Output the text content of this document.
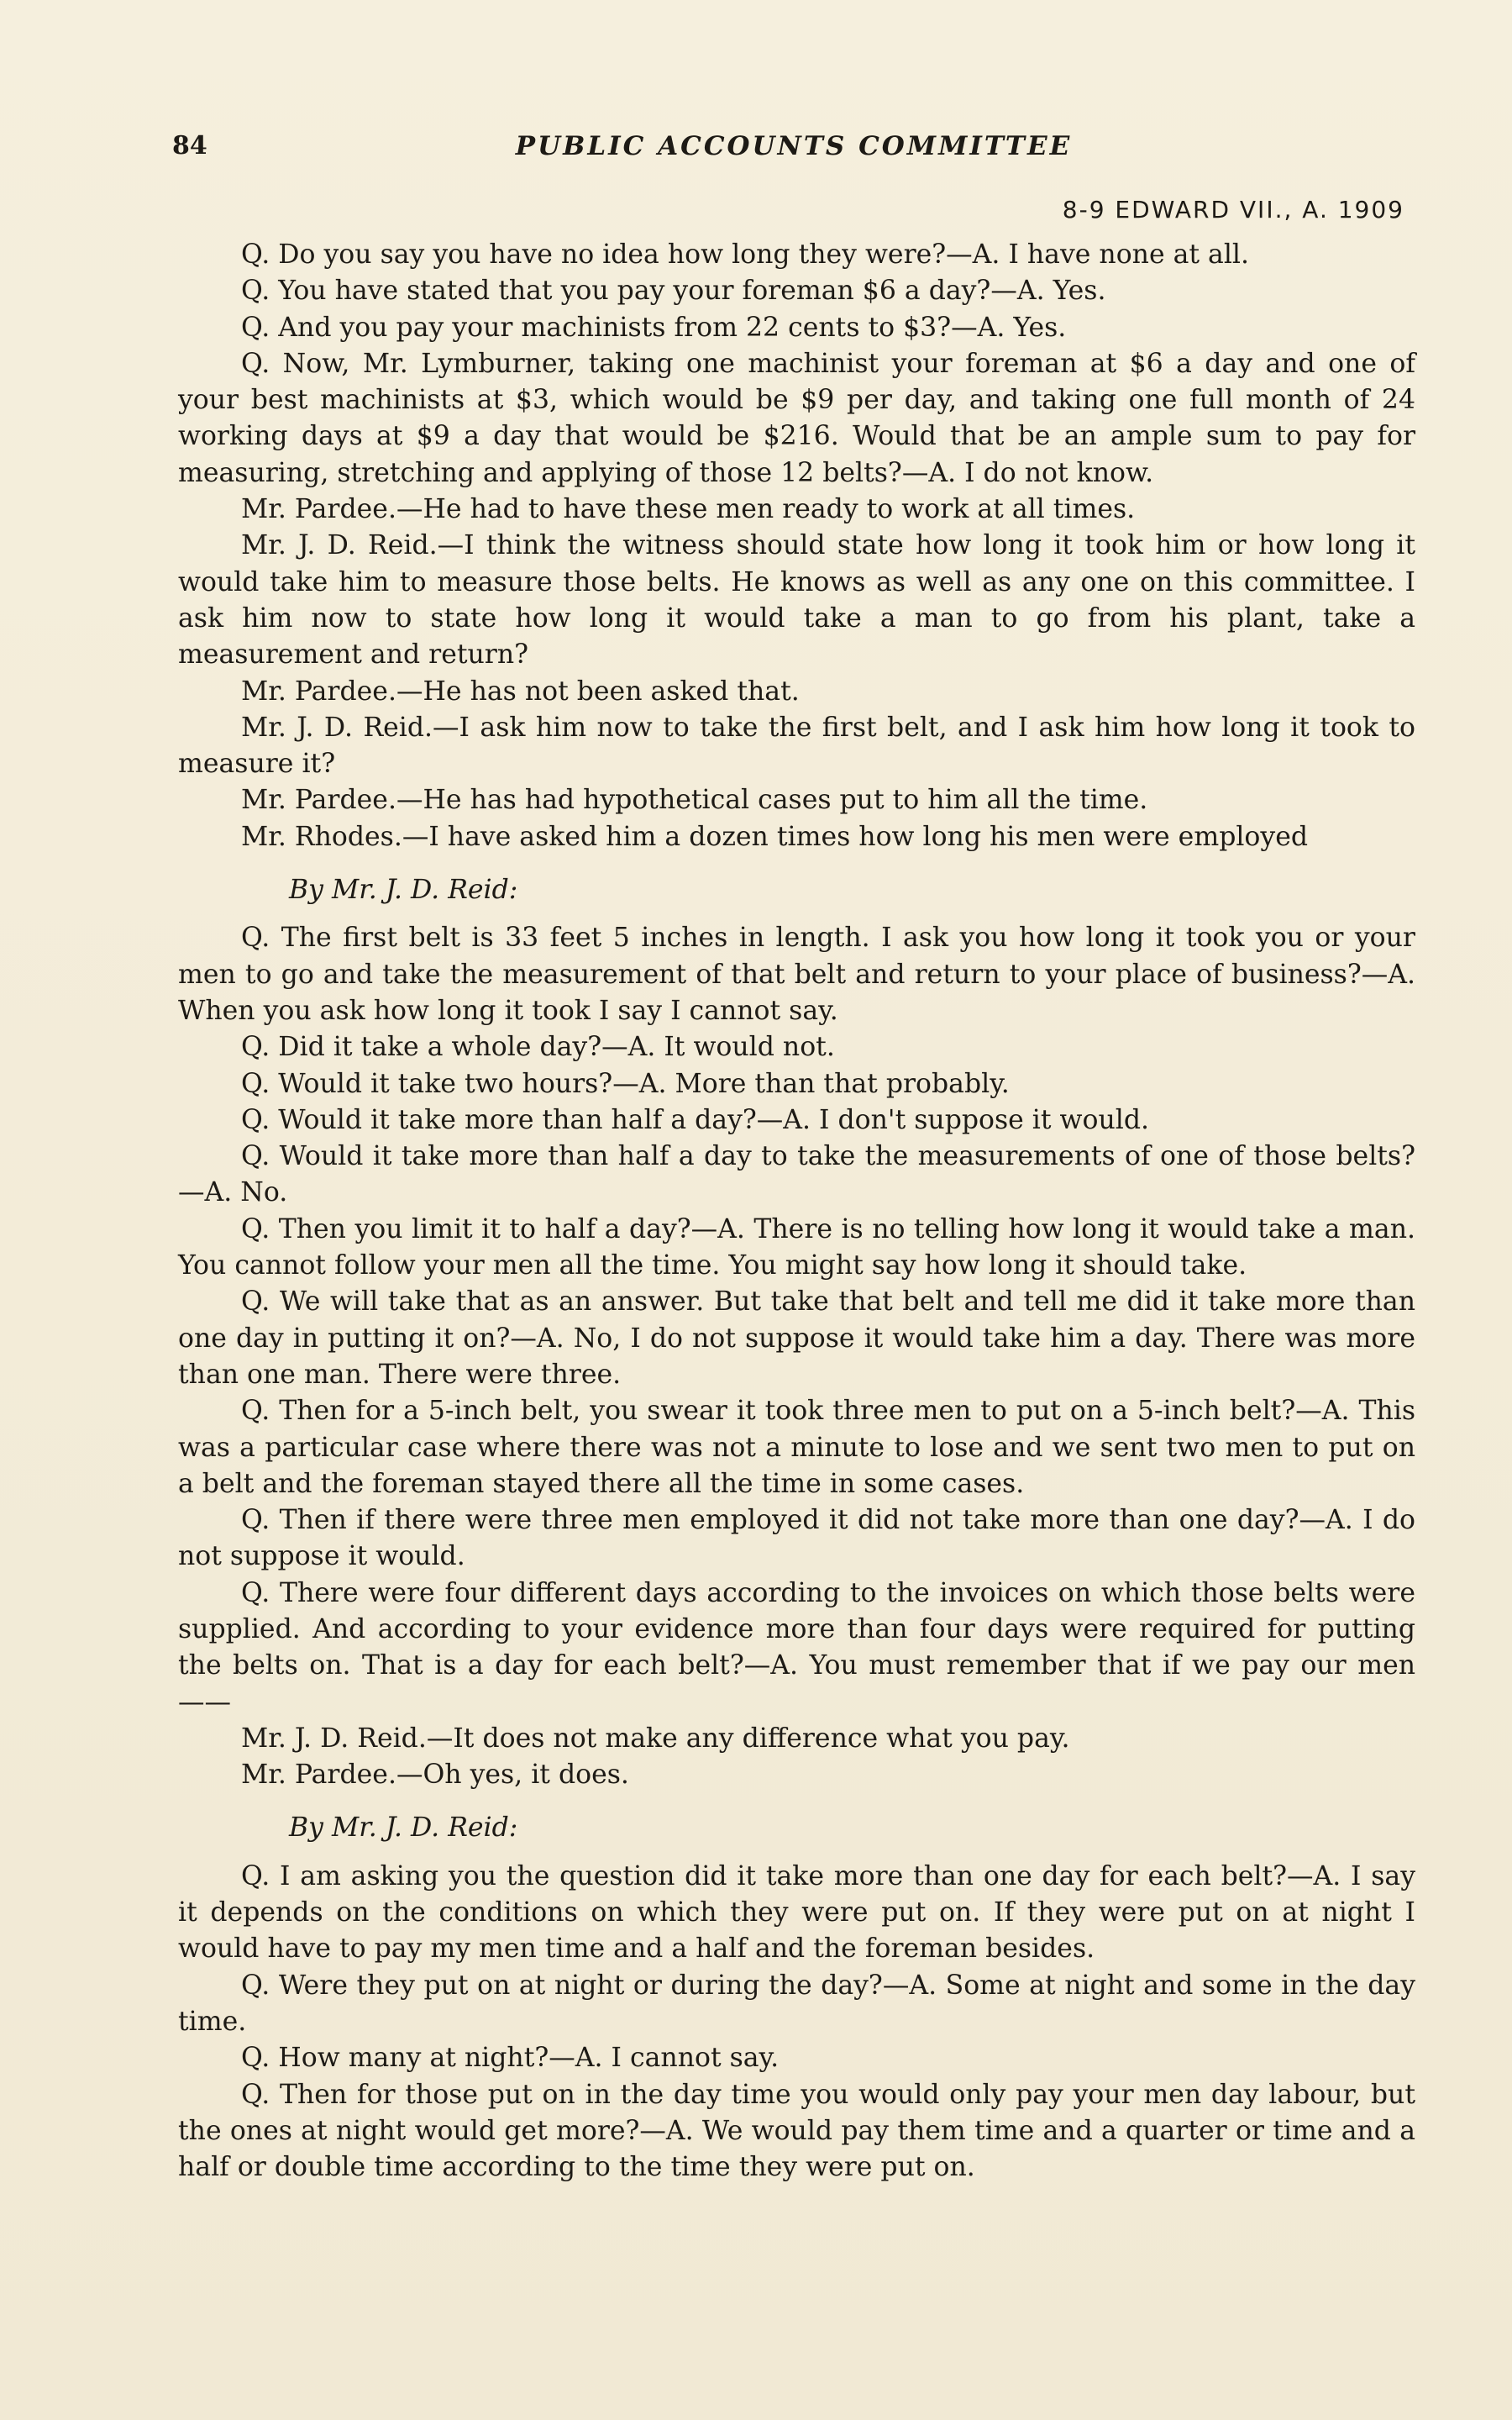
84	PUBLIC ACCOUNTS COMMITTEE
8-9 EDWARD VII., A. 1909

Q. Do you say you have no idea how long they were?—A. I have none at all.

Q. You have stated that you pay your foreman $6 a day?—A. Yes.

Q. And you pay your machinists from 22 cents to $3?—A. Yes.

Q. Now, Mr. Lymburner, taking one machinist your foreman at $6 a day and one of your best machinists at $3, which would be $9 per day, and taking one full month of 24 working days at $9 a day that would be $216. Would that be an ample sum to pay for measuring, stretching and applying of those 12 belts?—A. I do not know.

Mr. Pardee.—He had to have these men ready to work at all times.

Mr. J. D. Reid.—I think the witness should state how long it took him or how long it would take him to measure those belts. He knows as well as any one on this committee. I ask him now to state how long it would take a man to go from his plant, take a measurement and return?

Mr. Pardee.—He has not been asked that.

Mr. J. D. Reid.—I ask him now to take the first belt, and I ask him how long it took to measure it?

Mr. Pardee.—He has had hypothetical cases put to him all the time.

Mr. Rhodes.—I have asked him a dozen times how long his men were employed

By Mr. J. D. Reid:

Q. The first belt is 33 feet 5 inches in length. I ask you how long it took you or your men to go and take the measurement of that belt and return to your place of business?—A. When you ask how long it took I say I cannot say.

Q. Did it take a whole day?—A. It would not.

Q. Would it take two hours?—A. More than that probably.

Q. Would it take more than half a day?—A. I don't suppose it would.

Q. Would it take more than half a day to take the measurements of one of those belts?—A. No.

Q. Then you limit it to half a day?—A. There is no telling how long it would take a man. You cannot follow your men all the time. You might say how long it should take.

Q. We will take that as an answer. But take that belt and tell me did it take more than one day in putting it on?—A. No, I do not suppose it would take him a day. There was more than one man. There were three.

Q. Then for a 5-inch belt, you swear it took three men to put on a 5-inch belt?—A. This was a particular case where there was not a minute to lose and we sent two men to put on a belt and the foreman stayed there all the time in some cases.

Q. Then if there were three men employed it did not take more than one day?—A. I do not suppose it would.

Q. There were four different days according to the invoices on which those belts were supplied. And according to your evidence more than four days were required for putting the belts on. That is a day for each belt?—A. You must remember that if we pay our men——

Mr. J. D. Reid.—It does not make any difference what you pay.

Mr. Pardee.—Oh yes, it does.

By Mr. J. D. Reid:

Q. I am asking you the question did it take more than one day for each belt?—A. I say it depends on the conditions on which they were put on. If they were put on at night I would have to pay my men time and a half and the foreman besides.

Q. Were they put on at night or during the day?—A. Some at night and some in the day time.

Q. How many at night?—A. I cannot say.

Q. Then for those put on in the day time you would only pay your men day labour, but the ones at night would get more?—A. We would pay them time and a quarter or time and a half or double time according to the time they were put on.
